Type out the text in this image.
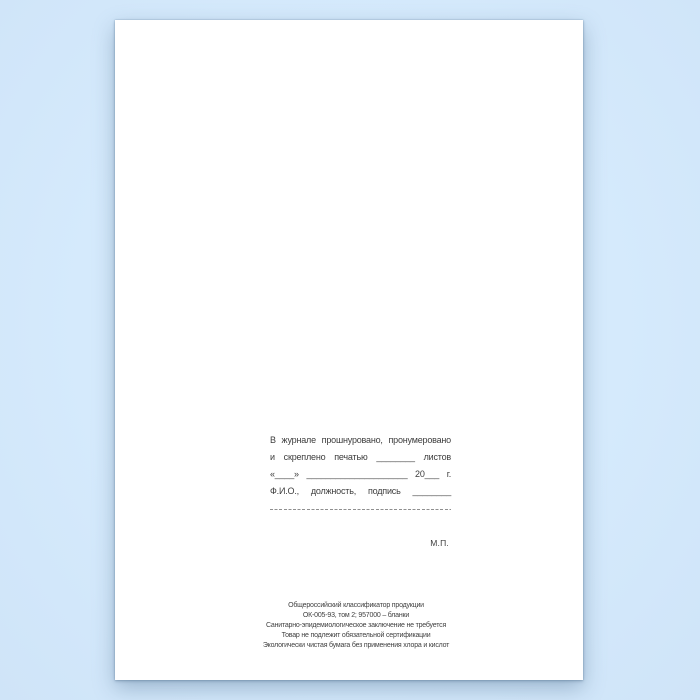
В журнале прошнуровано, пронумеровано
и скреплено печатью ________ листов
«____» _____________________ 20___ г.
Ф.И.О., должность, подпись ________
М.П.
Общероссийский классификатор продукции
ОК-005-93, том 2; 957000 – бланки
Санитарно-эпидемиологическое заключение не требуется
Товар не подлежит обязательной сертификации
Экологически чистая бумага без применения хлора и кислот
